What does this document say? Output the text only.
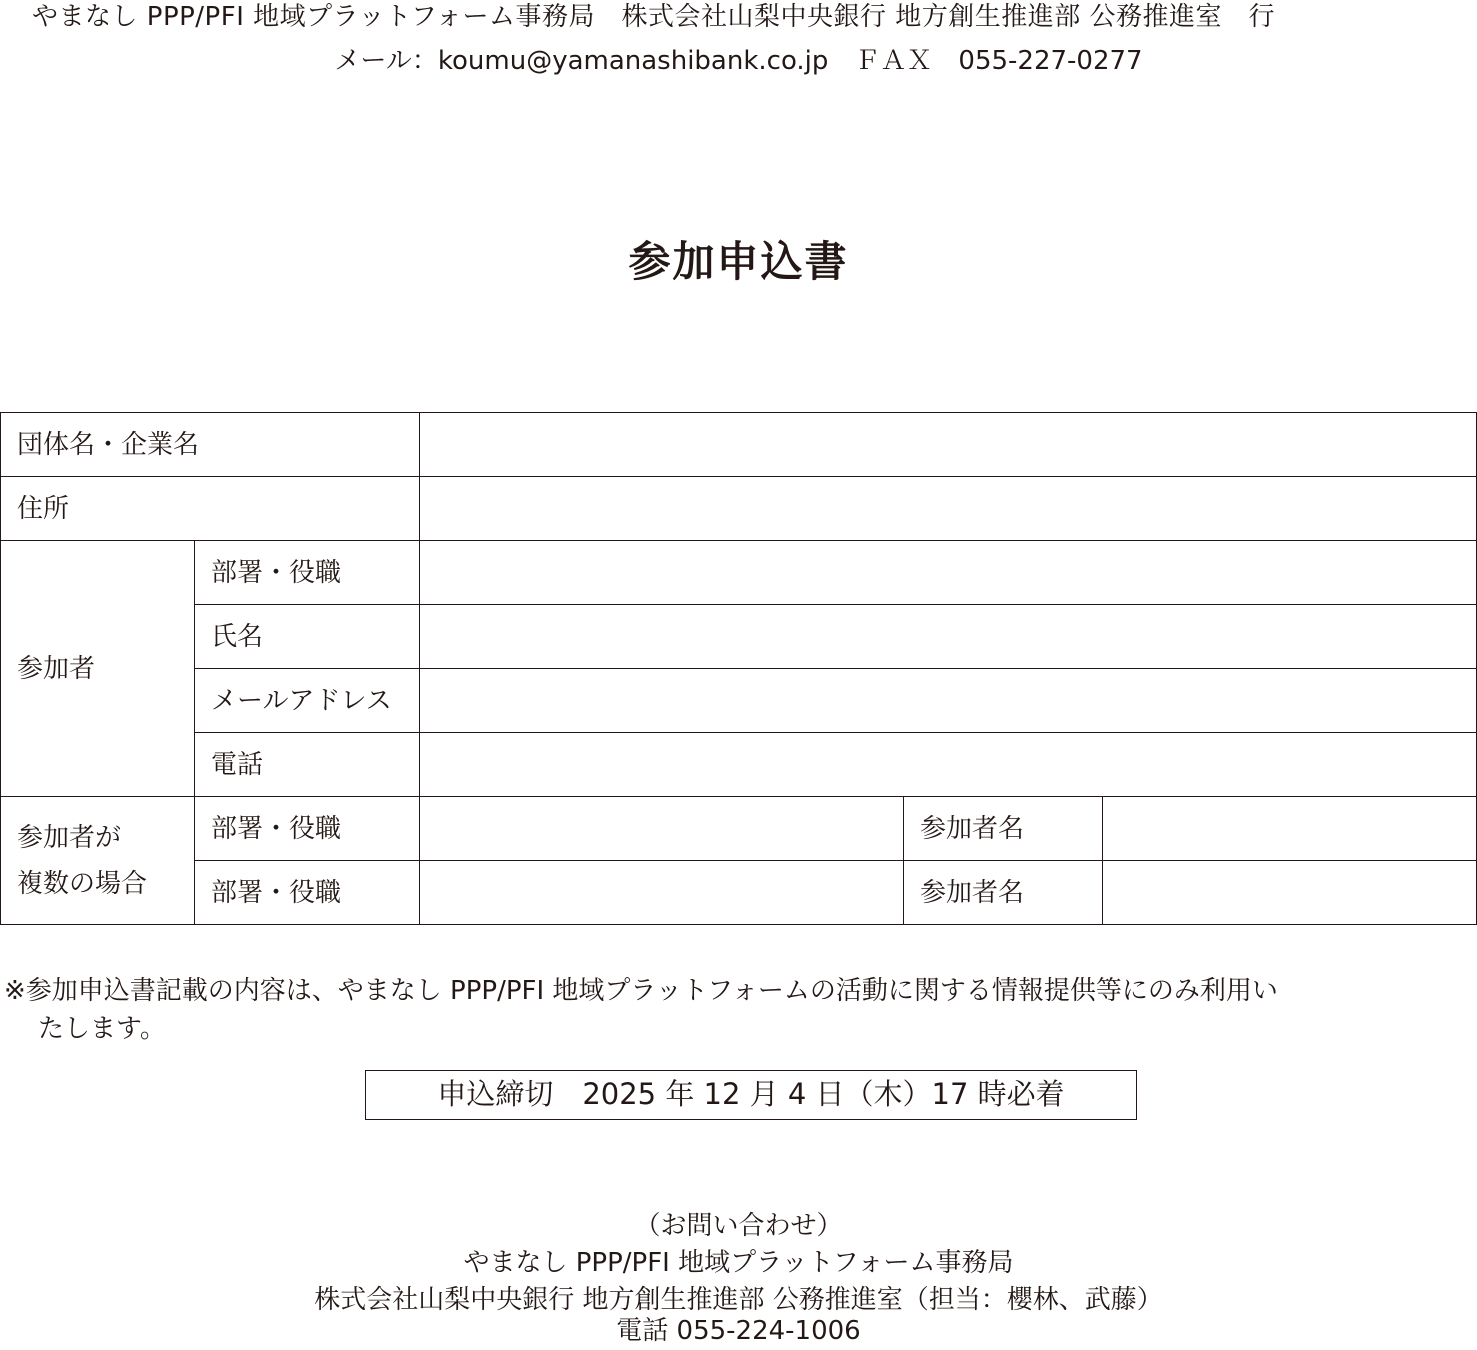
やまなし PPP/PFI 地域プラットフォーム事務局　株式会社山梨中央銀行 地方創生推進部 公務推進室　行
メール：koumu@yamanashibank.co.jp　ＦＡＸ　055-227-0277
参加申込書
団体名・企業名				
住所				
参加者	部署・役職			
	氏名			
	メールアドレス			
	電話			
参加者が
複数の場合	部署・役職		参加者名	
	部署・役職		参加者名	
※参加申込書記載の内容は、やまなし PPP/PFI 地域プラットフォームの活動に関する情報提供等にのみ利用い
たします。
申込締切　2025 年 12 月 4 日（木）17 時必着
（お問い合わせ）
やまなし PPP/PFI 地域プラットフォーム事務局
株式会社山梨中央銀行 地方創生推進部 公務推進室（担当：櫻林、武藤）
電話 055-224-1006
